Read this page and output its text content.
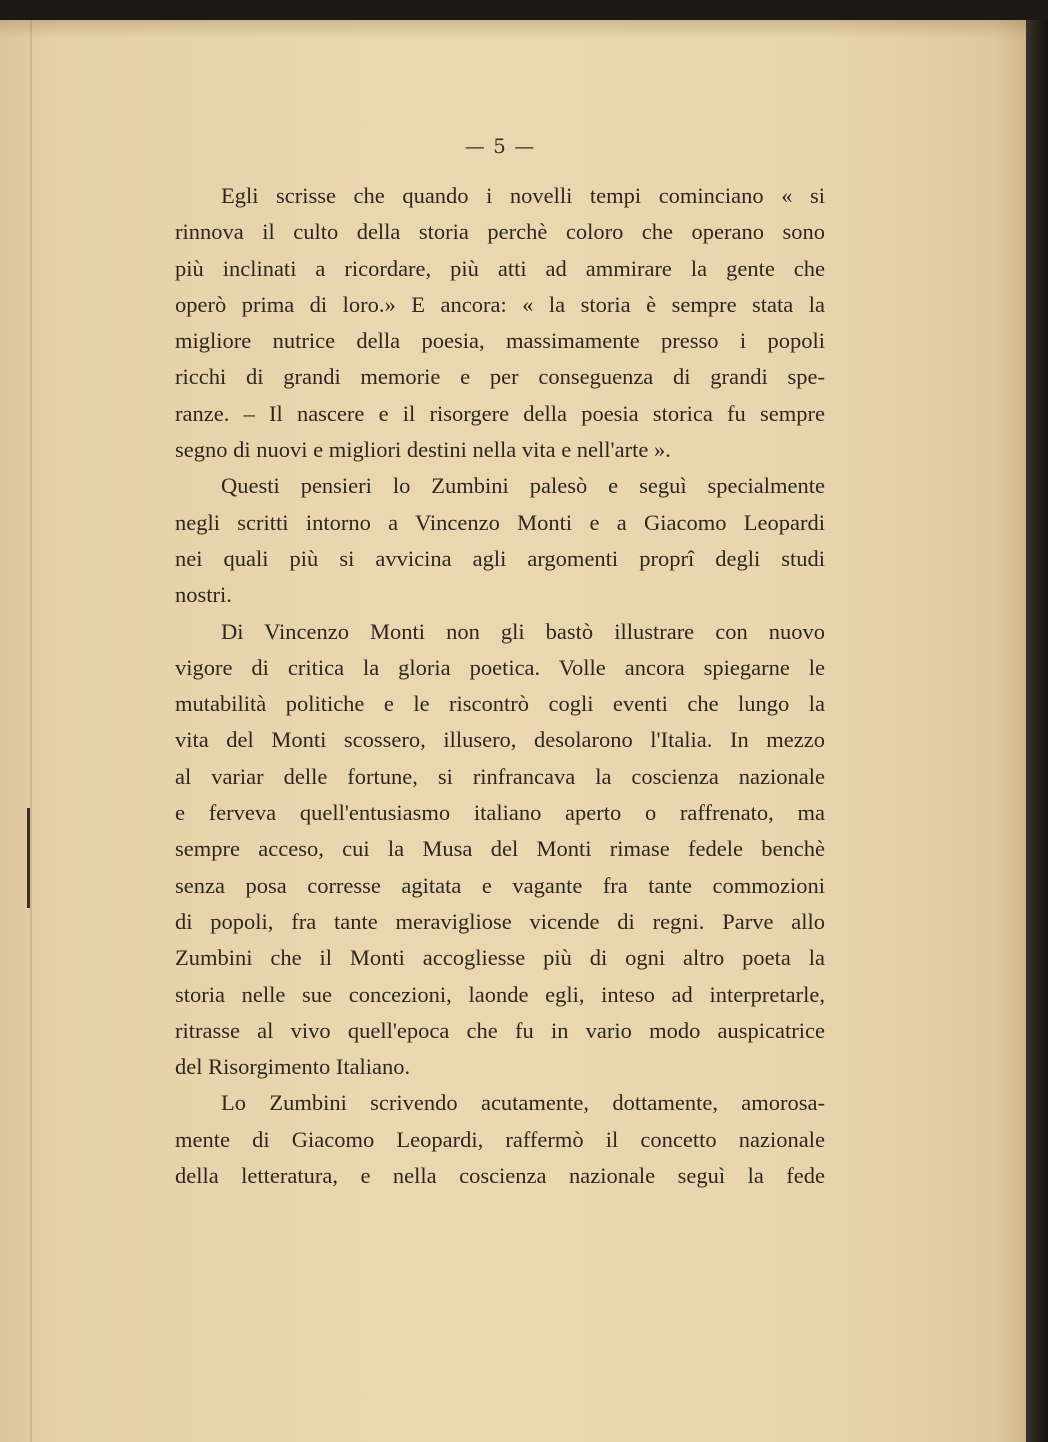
— 5 —
Egli scrisse che quando i novelli tempi cominciano « si
rinnova il culto della storia perchè coloro che operano sono
più inclinati a ricordare, più atti ad ammirare la gente che
operò prima di loro.» E ancora: « la storia è sempre stata la
migliore nutrice della poesia, massimamente presso i popoli
ricchi di grandi memorie e per conseguenza di grandi spe-
ranze. – Il nascere e il risorgere della poesia storica fu sempre
segno di nuovi e migliori destini nella vita e nell'arte ».
Questi pensieri lo Zumbini palesò e seguì specialmente
negli scritti intorno a Vincenzo Monti e a Giacomo Leopardi
nei quali più si avvicina agli argomenti proprî degli studi
nostri.
Di Vincenzo Monti non gli bastò illustrare con nuovo
vigore di critica la gloria poetica. Volle ancora spiegarne le
mutabilità politiche e le riscontrò cogli eventi che lungo la
vita del Monti scossero, illusero, desolarono l'Italia. In mezzo
al variar delle fortune, si rinfrancava la coscienza nazionale
e ferveva quell'entusiasmo italiano aperto o raffrenato, ma
sempre acceso, cui la Musa del Monti rimase fedele benchè
senza posa corresse agitata e vagante fra tante commozioni
di popoli, fra tante meravigliose vicende di regni. Parve allo
Zumbini che il Monti accogliesse più di ogni altro poeta la
storia nelle sue concezioni, laonde egli, inteso ad interpretarle,
ritrasse al vivo quell'epoca che fu in vario modo auspicatrice
del Risorgimento Italiano.
Lo Zumbini scrivendo acutamente, dottamente, amorosa-
mente di Giacomo Leopardi, raffermò il concetto nazionale
della letteratura, e nella coscienza nazionale seguì la fede
